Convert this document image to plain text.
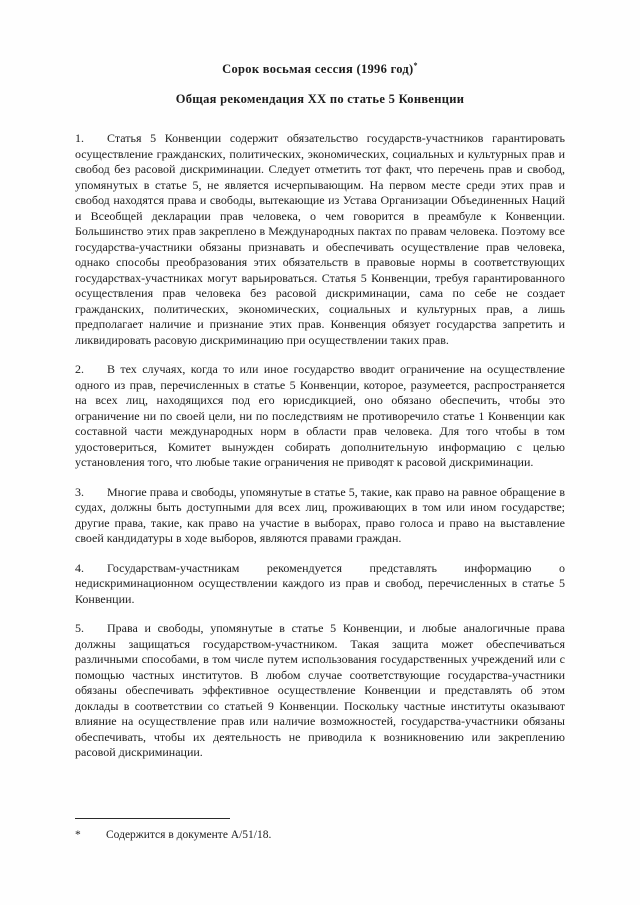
Сорок восьмая сессия (1996 год)*
Общая рекомендация XX по статье 5 Конвенции

1. Статья 5 Конвенции содержит обязательство государств-участников гарантировать осуществление гражданских, политических, экономических, социальных и культурных прав и свобод без расовой дискриминации. Следует отметить тот факт, что перечень прав и свобод, упомянутых в статье 5, не является исчерпывающим. На первом месте среди этих прав и свобод находятся права и свободы, вытекающие из Устава Организации Объединенных Наций и Всеобщей декларации прав человека, о чем говорится в преамбуле к Конвенции. Большинство этих прав закреплено в Международных пактах по правам человека. Поэтому все государства-участники обязаны признавать и обеспечивать осуществление прав человека, однако способы преобразования этих обязательств в правовые нормы в соответствующих государствах-участниках могут варьироваться. Статья 5 Конвенции, требуя гарантированного осуществления прав человека без расовой дискриминации, сама по себе не создает гражданских, политических, экономических, социальных и культурных прав, а лишь предполагает наличие и признание этих прав. Конвенция обязует государства запретить и ликвидировать расовую дискриминацию при осуществлении таких прав.

2. В тех случаях, когда то или иное государство вводит ограничение на осуществление одного из прав, перечисленных в статье 5 Конвенции, которое, разумеется, распространяется на всех лиц, находящихся под его юрисдикцией, оно обязано обеспечить, чтобы это ограничение ни по своей цели, ни по последствиям не противоречило статье 1 Конвенции как составной части международных норм в области прав человека. Для того чтобы в том удостовериться, Комитет вынужден собирать дополнительную информацию с целью установления того, что любые такие ограничения не приводят к расовой дискриминации.

3. Многие права и свободы, упомянутые в статье 5, такие, как право на равное обращение в судах, должны быть доступными для всех лиц, проживающих в том или ином государстве; другие права, такие, как право на участие в выборах, право голоса и право на выставление своей кандидатуры в ходе выборов, являются правами граждан.

4. Государствам-участникам рекомендуется представлять информацию о недискриминационном осуществлении каждого из прав и свобод, перечисленных в статье 5 Конвенции.

5. Права и свободы, упомянутые в статье 5 Конвенции, и любые аналогичные права должны защищаться государством-участником. Такая защита может обеспечиваться различными способами, в том числе путем использования государственных учреждений или с помощью частных институтов. В любом случае соответствующие государства-участники обязаны обеспечивать эффективное осуществление Конвенции и представлять об этом доклады в соответствии со статьей 9 Конвенции. Поскольку частные институты оказывают влияние на осуществление прав или наличие возможностей, государства-участники обязаны обеспечивать, чтобы их деятельность не приводила к возникновению или закреплению расовой дискриминации.

* Содержится в документе A/51/18.
